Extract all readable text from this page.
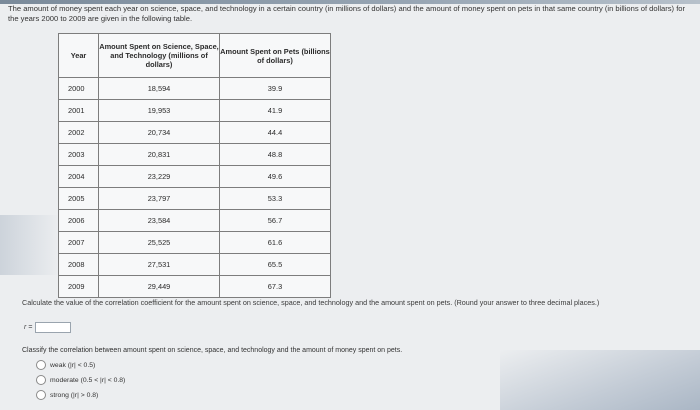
The amount of money spent each year on science, space, and technology in a certain country (in millions of dollars) and the amount of money spent on pets in that same country (in billions of dollars) for the years 2000 to 2009 are given in the following table.
Year	Amount Spent on Science, Space, and Technology (millions of dollars)	Amount Spent on Pets (billions of dollars)
2000	18,594	39.9
2001	19,953	41.9
2002	20,734	44.4
2003	20,831	48.8
2004	23,229	49.6
2005	23,797	53.3
2006	23,584	56.7
2007	25,525	61.6
2008	27,531	65.5
2009	29,449	67.3
Calculate the value of the correlation coefficient for the amount spent on science, space, and technology and the amount spent on pets. (Round your answer to three decimal places.)
r =
Classify the correlation between amount spent on science, space, and technology and the amount of money spent on pets.
weak (|r| < 0.5)
moderate (0.5 < |r| < 0.8)
strong (|r| > 0.8)
